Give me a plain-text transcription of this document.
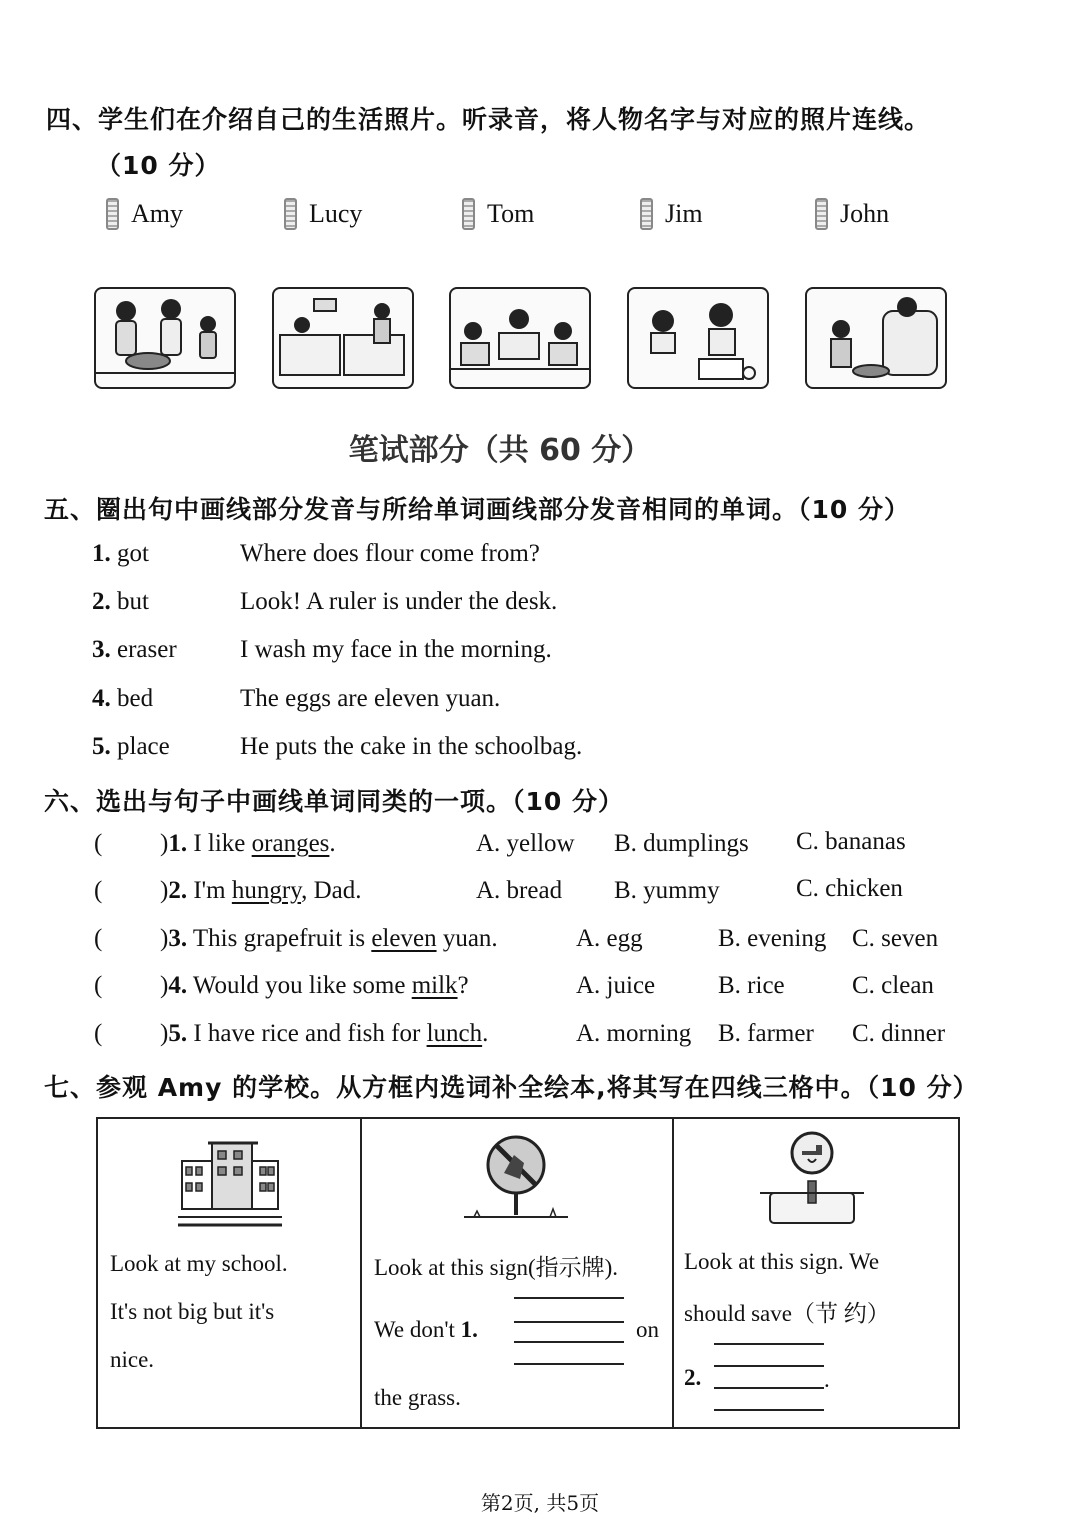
四、学生们在介绍自己的生活照片。听录音，将人物名字与对应的照片连线。
（10 分）
Amy	Lucy	Tom	Jim	John
笔试部分（共 60 分）
五、圈出句中画线部分发音与所给单词画线部分发音相同的单词。（10 分）
1. got	Where does flour come from?
2. but	Look! A ruler is under the desk.
3. eraser	I wash my face in the morning.
4. bed	The eggs are eleven yuan.
5. place	He puts the cake in the schoolbag.
六、选出与句子中画线单词同类的一项。（10 分）
( )1. I like oranges.	A. yellow B. dumplings C. bananas
( )2. I'm hungry, Dad.	A. bread B. yummy	C. chicken
( )3. This grapefruit is eleven yuan.	A. egg	B. evening C. seven
( )4. Would you like some milk?	A. juice	B. rice	C. clean
( )5. I have rice and fish for lunch.	A. morning B. farmer C. dinner
七、参观 Amy 的学校。从方框内选词补全绘本,将其写在四线三格中。（10 分）
Look at my school.
It's not big but it's
nice.
Look at this sign(指示牌).
We don't 1.	on
the grass.
Look at this sign. We
should save（节 约）
2.	.
第2页, 共5页
